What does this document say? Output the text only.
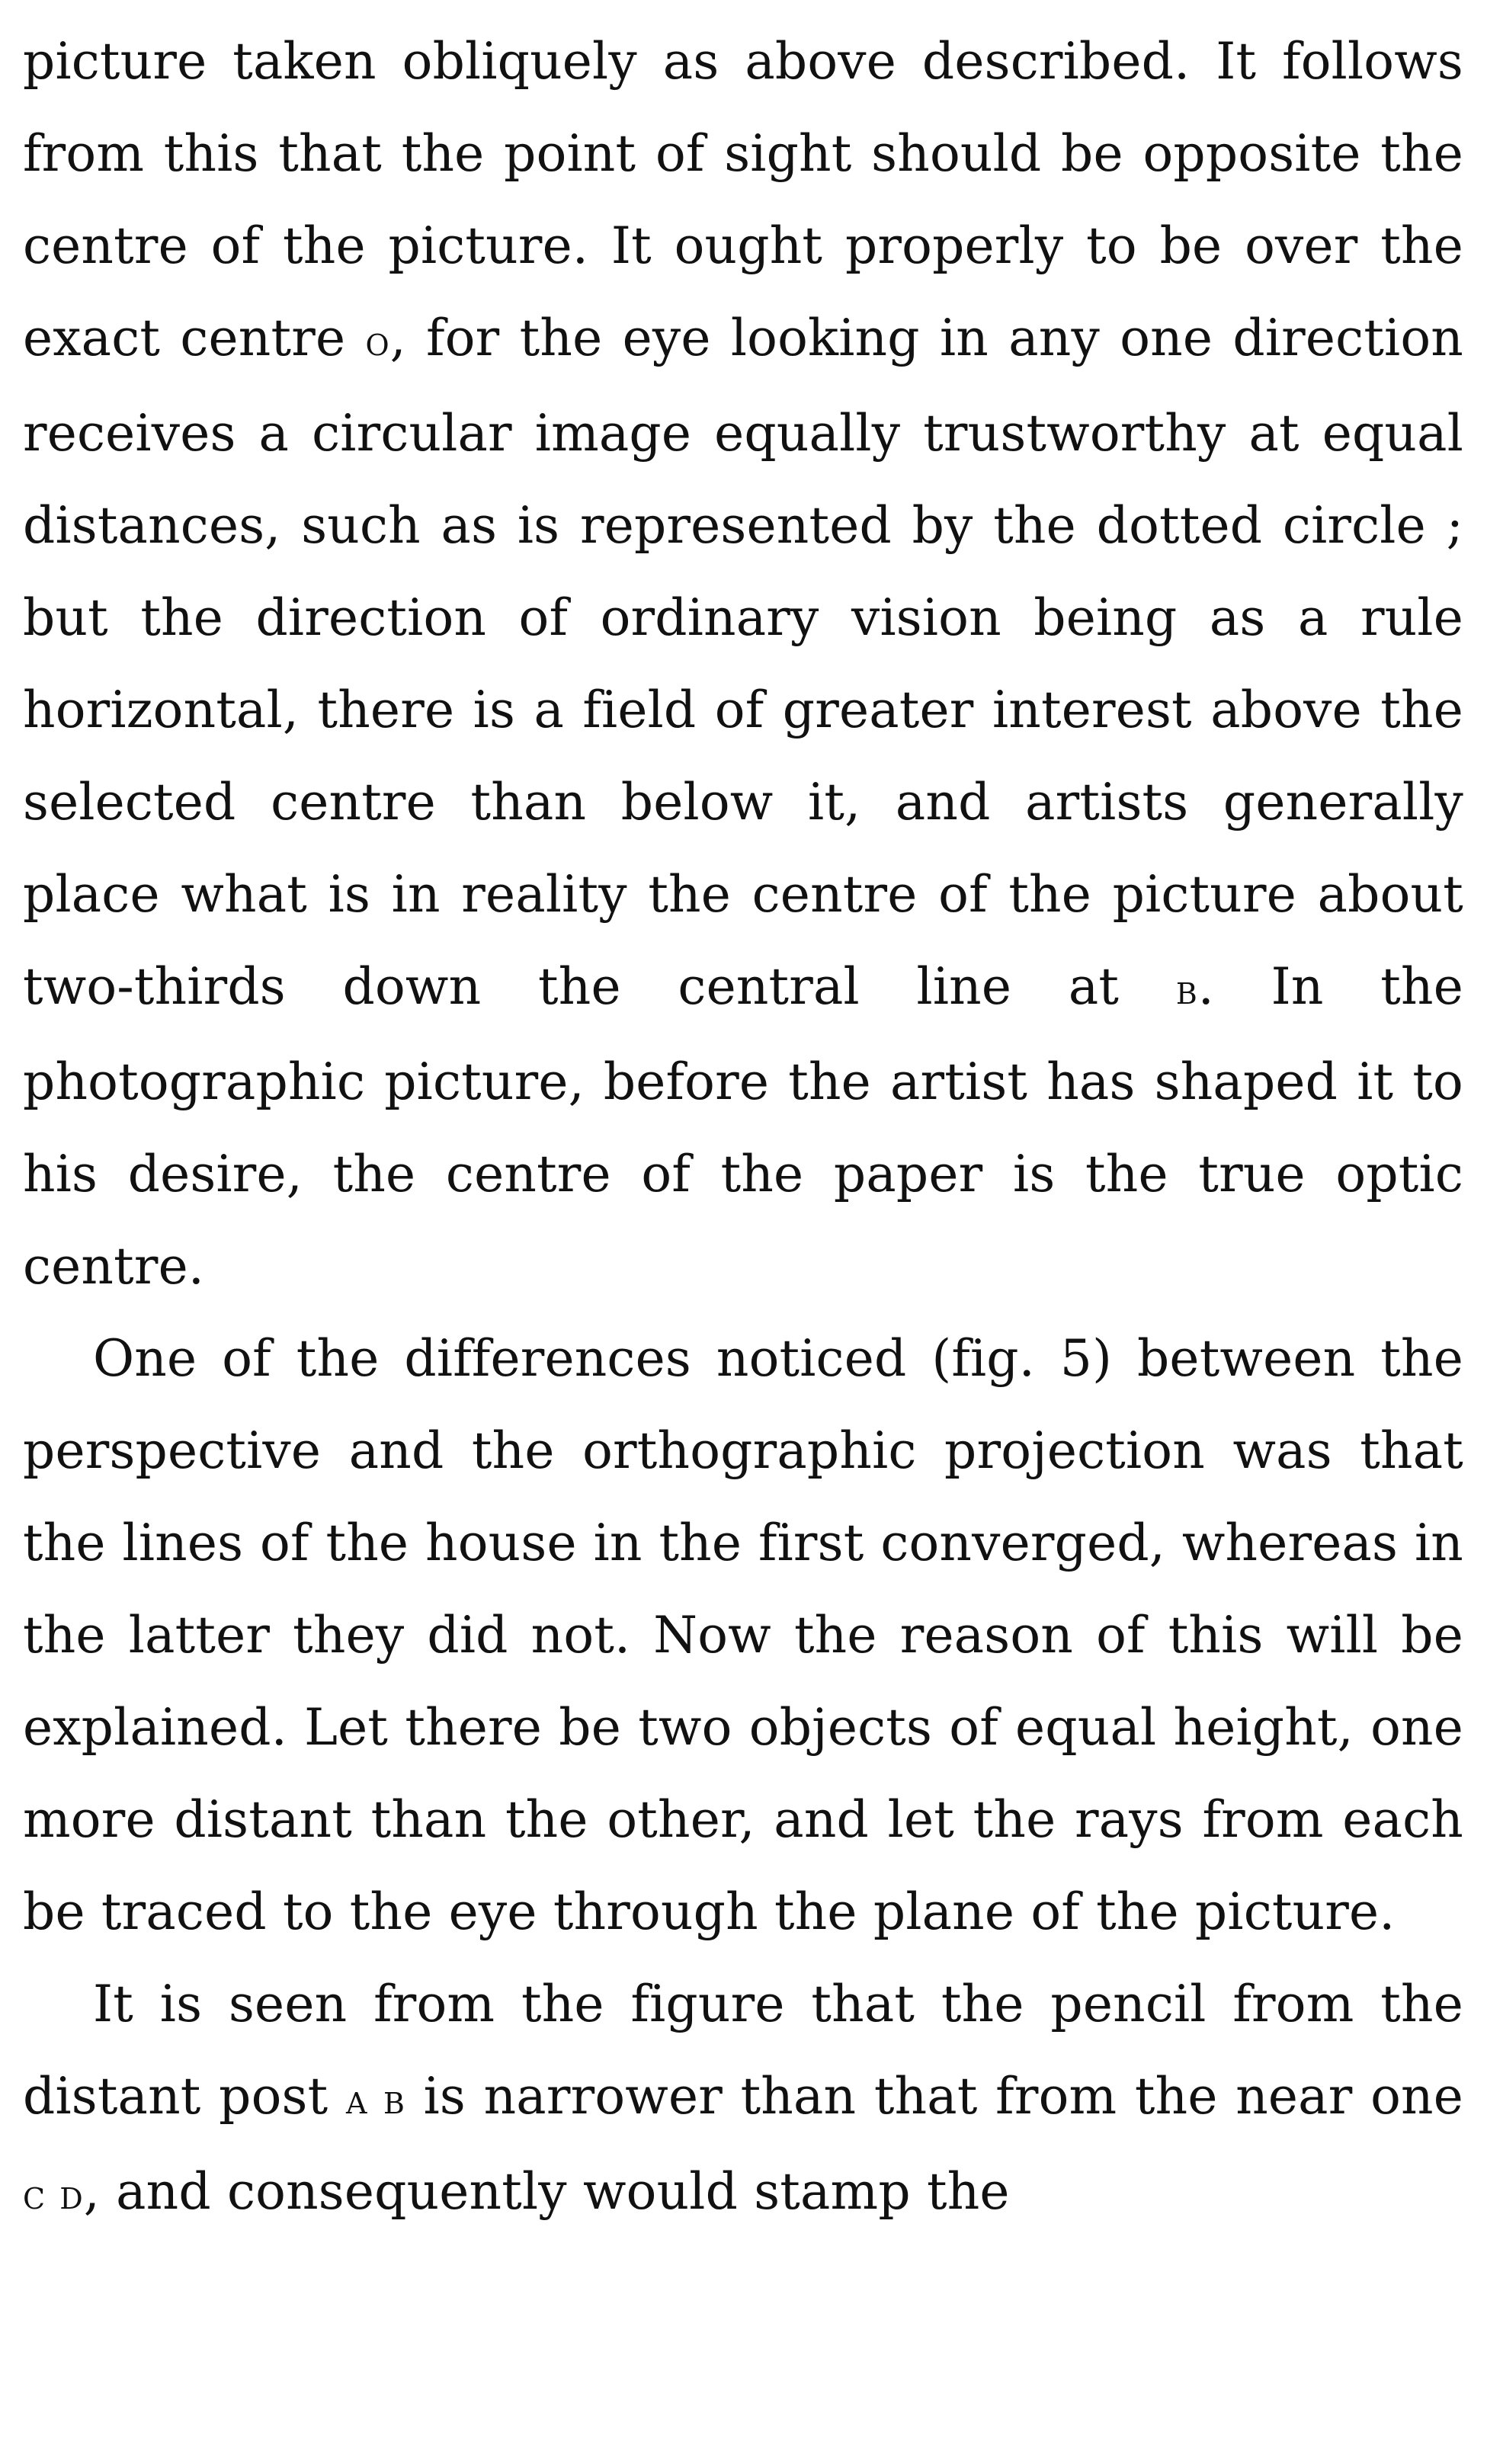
picture taken obliquely as above described. It follows from this that the point of sight should be opposite the centre of the picture. It ought properly to be over the exact centre o, for the eye looking in any one direction receives a circular image equally trustworthy at equal distances, such as is represented by the dotted circle ; but the direction of ordinary vision being as a rule horizontal, there is a field of greater interest above the selected centre than below it, and artists generally place what is in reality the centre of the picture about two-thirds down the central line at b. In the photographic picture, before the artist has shaped it to his desire, the centre of the paper is the true optic centre.

One of the differences noticed (fig. 5) between the perspective and the orthographic projection was that the lines of the house in the first converged, whereas in the latter they did not. Now the reason of this will be explained. Let there be two objects of equal height, one more distant than the other, and let the rays from each be traced to the eye through the plane of the picture.

It is seen from the figure that the pencil from the distant post a b is narrower than that from the near one c d, and consequently would stamp the
